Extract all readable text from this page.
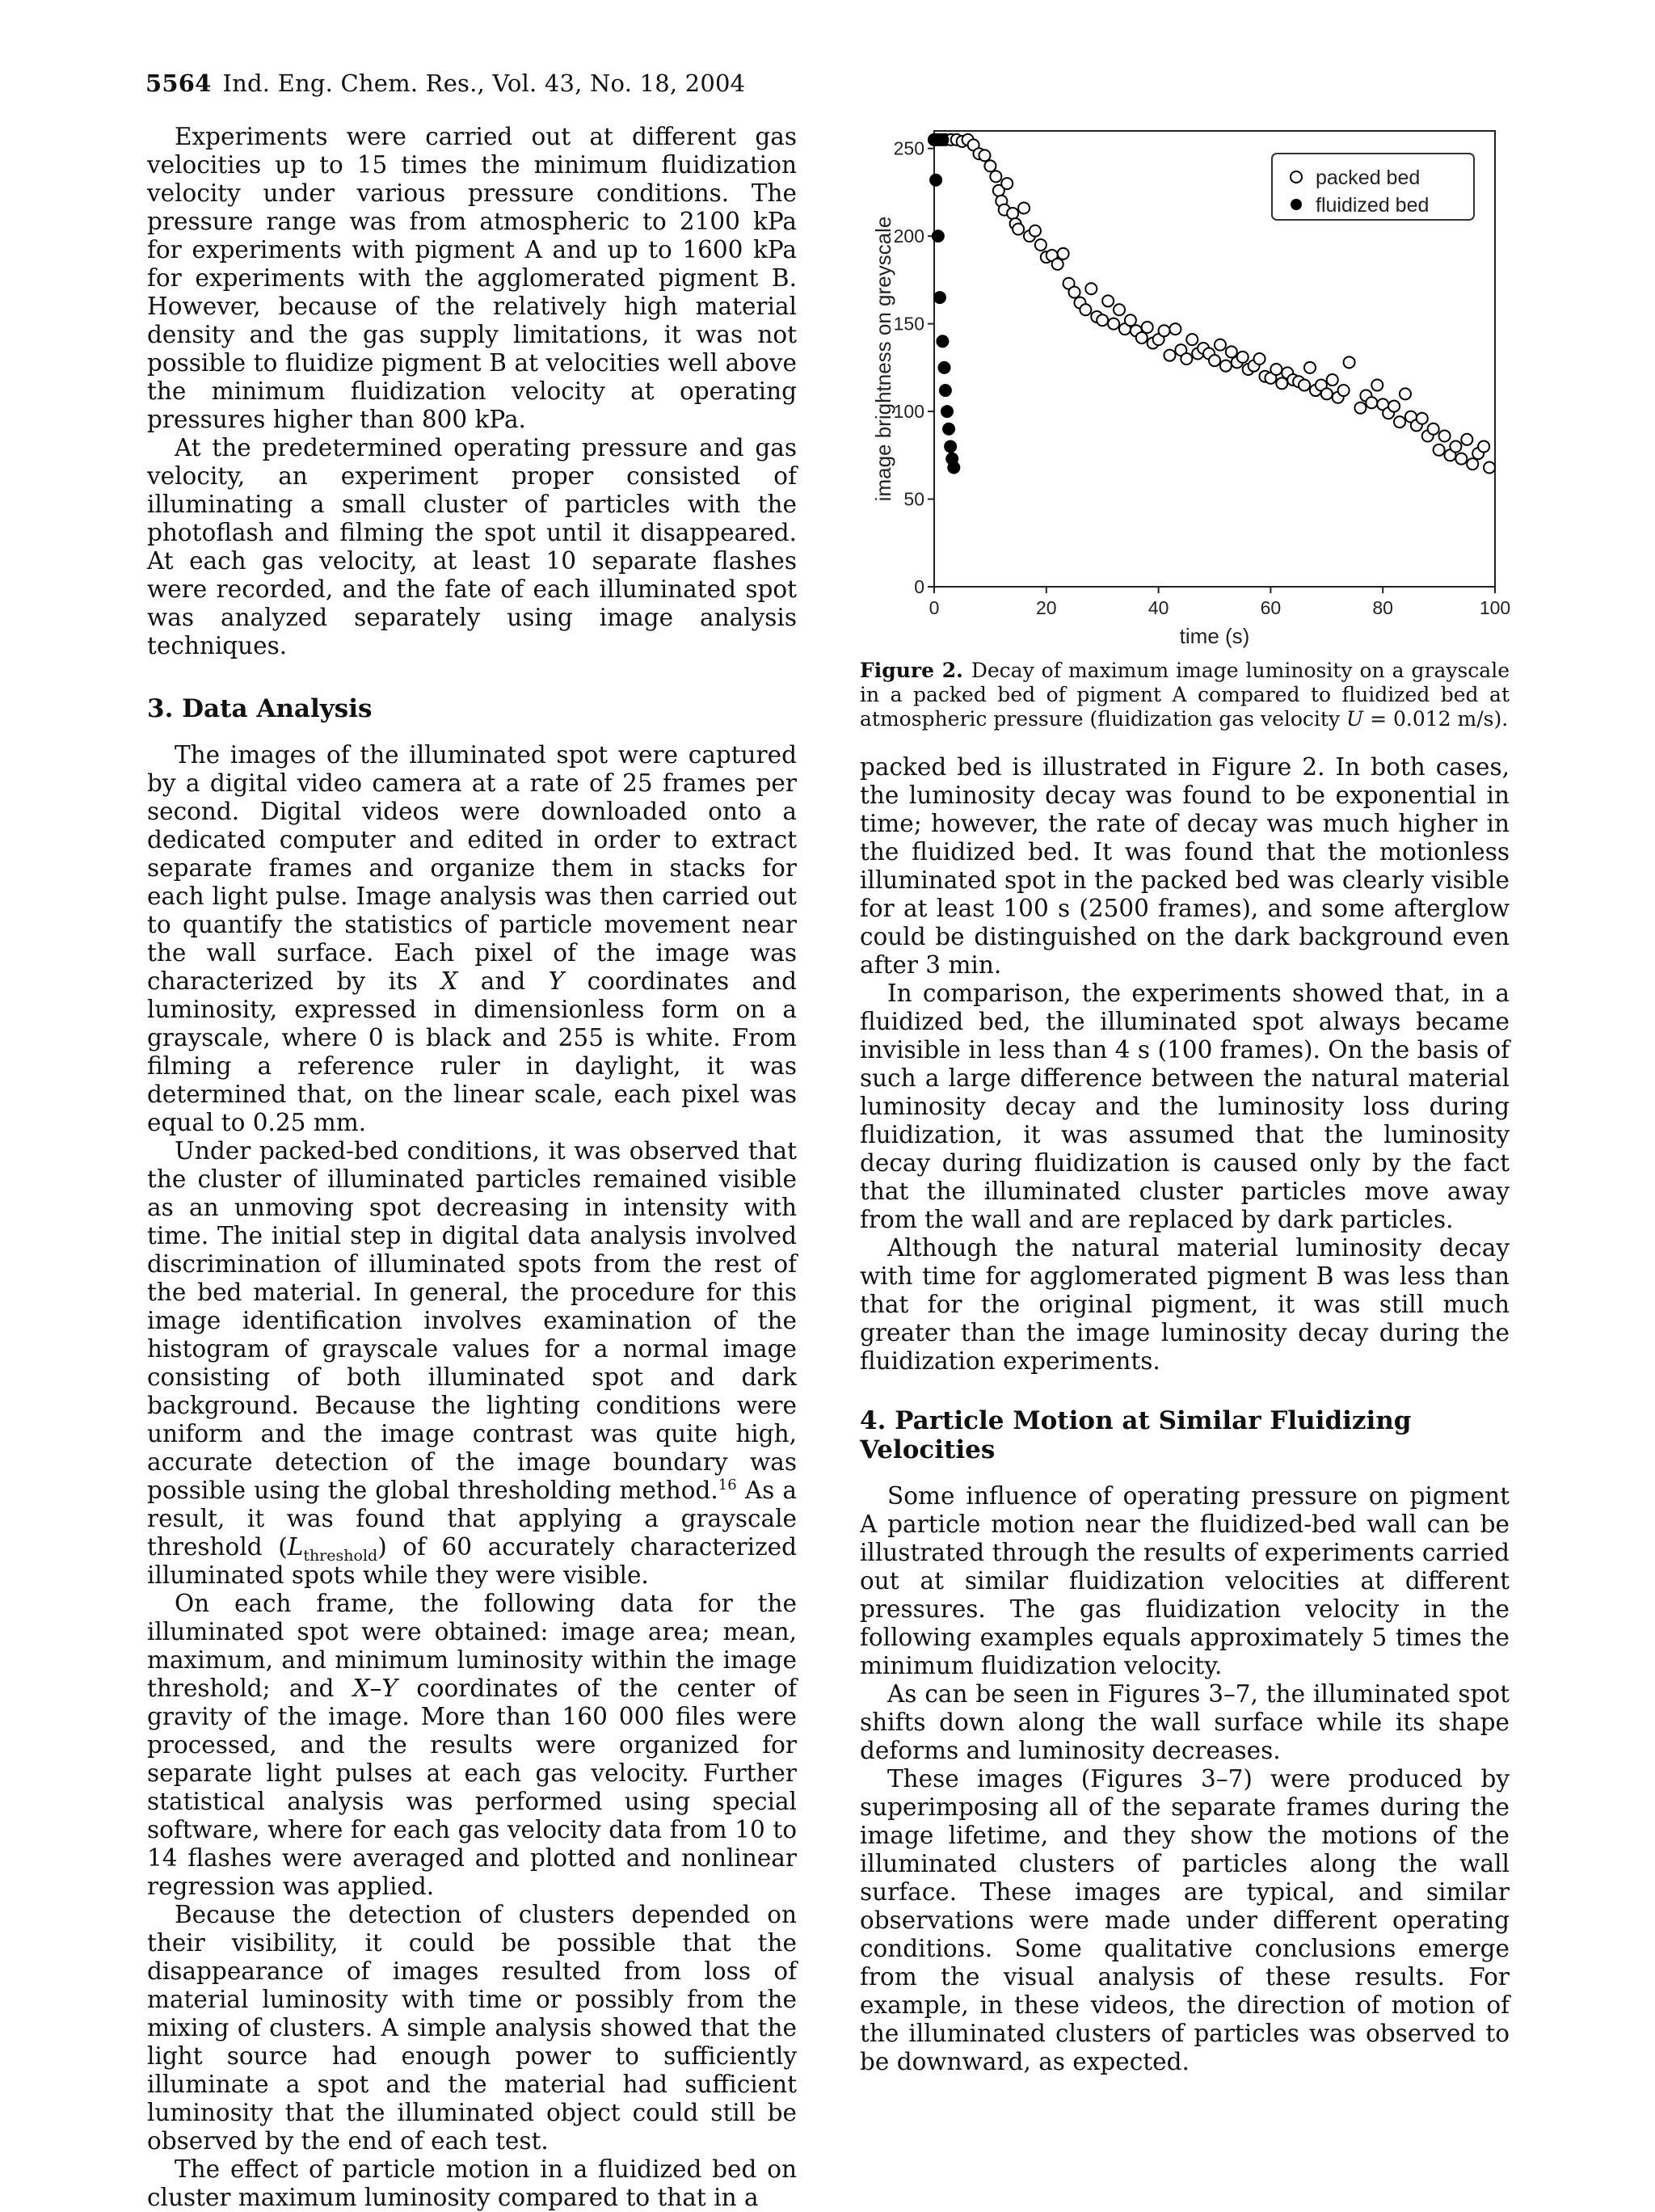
5564 Ind. Eng. Chem. Res., Vol. 43, No. 18, 2004

Experiments were carried out at different gas velocities up to 15 times the minimum fluidization velocity under various pressure conditions. The pressure range was from atmospheric to 2100 kPa for experiments with pigment A and up to 1600 kPa for experiments with the agglomerated pigment B. However, because of the relatively high material density and the gas supply limitations, it was not possible to fluidize pigment B at velocities well above the minimum fluidization velocity at operating pressures higher than 800 kPa.

At the predetermined operating pressure and gas velocity, an experiment proper consisted of illuminating a small cluster of particles with the photoflash and filming the spot until it disappeared. At each gas velocity, at least 10 separate flashes were recorded, and the fate of each illuminated spot was analyzed separately using image analysis techniques.

3. Data Analysis

The images of the illuminated spot were captured by a digital video camera at a rate of 25 frames per second. Digital videos were downloaded onto a dedicated computer and edited in order to extract separate frames and organize them in stacks for each light pulse. Image analysis was then carried out to quantify the statistics of particle movement near the wall surface. Each pixel of the image was characterized by its X and Y coordinates and luminosity, expressed in dimensionless form on a grayscale, where 0 is black and 255 is white. From filming a reference ruler in daylight, it was determined that, on the linear scale, each pixel was equal to 0.25 mm.

Under packed-bed conditions, it was observed that the cluster of illuminated particles remained visible as an unmoving spot decreasing in intensity with time. The initial step in digital data analysis involved discrimination of illuminated spots from the rest of the bed material. In general, the procedure for this image identification involves examination of the histogram of grayscale values for a normal image consisting of both illuminated spot and dark background. Because the lighting conditions were uniform and the image contrast was quite high, accurate detection of the image boundary was possible using the global thresholding method.$^{16}$ As a result, it was found that applying a grayscale threshold $(L_{threshold})$ of 60 accurately characterized illuminated spots while they were visible.

On each frame, the following data for the illuminated spot were obtained: image area; mean, maximum, and minimum luminosity within the image threshold; and X–Y coordinates of the center of gravity of the image. More than 160 000 files were processed, and the results were organized for separate light pulses at each gas velocity. Further statistical analysis was performed using special software, where for each gas velocity data from 10 to 14 flashes were averaged and plotted and nonlinear regression was applied.

Because the detection of clusters depended on their visibility, it could be possible that the disappearance of images resulted from loss of material luminosity with time or possibly from the mixing of clusters. A simple analysis showed that the light source had enough power to sufficiently illuminate a spot and the material had sufficient luminosity that the illuminated object could still be observed by the end of each test.

The effect of particle motion in a fluidized bed on cluster maximum luminosity compared to that in a

0
50
100
150
200
250
0	20	40	60	80	100
image brightness on greyscale
time (s)
packed bed
fluidized bed
Figure 2. Decay of maximum image luminosity on a grayscale in a packed bed of pigment A compared to fluidized bed at atmospheric pressure (fluidization gas velocity U = 0.012 m/s).

packed bed is illustrated in Figure 2. In both cases, the luminosity decay was found to be exponential in time; however, the rate of decay was much higher in the fluidized bed. It was found that the motionless illuminated spot in the packed bed was clearly visible for at least 100 s (2500 frames), and some afterglow could be distinguished on the dark background even after 3 min.

In comparison, the experiments showed that, in a fluidized bed, the illuminated spot always became invisible in less than 4 s (100 frames). On the basis of such a large difference between the natural material luminosity decay and the luminosity loss during fluidization, it was assumed that the luminosity decay during fluidization is caused only by the fact that the illuminated cluster particles move away from the wall and are replaced by dark particles.

Although the natural material luminosity decay with time for agglomerated pigment B was less than that for the original pigment, it was still much greater than the image luminosity decay during the fluidization experiments.

4. Particle Motion at Similar Fluidizing Velocities

Some influence of operating pressure on pigment A particle motion near the fluidized-bed wall can be illustrated through the results of experiments carried out at similar fluidization velocities at different pressures. The gas fluidization velocity in the following examples equals approximately 5 times the minimum fluidization velocity.

As can be seen in Figures 3–7, the illuminated spot shifts down along the wall surface while its shape deforms and luminosity decreases.

These images (Figures 3–7) were produced by superimposing all of the separate frames during the image lifetime, and they show the motions of the illuminated clusters of particles along the wall surface. These images are typical, and similar observations were made under different operating conditions. Some qualitative conclusions emerge from the visual analysis of these results. For example, in these videos, the direction of motion of the illuminated clusters of particles was observed to be downward, as expected.
